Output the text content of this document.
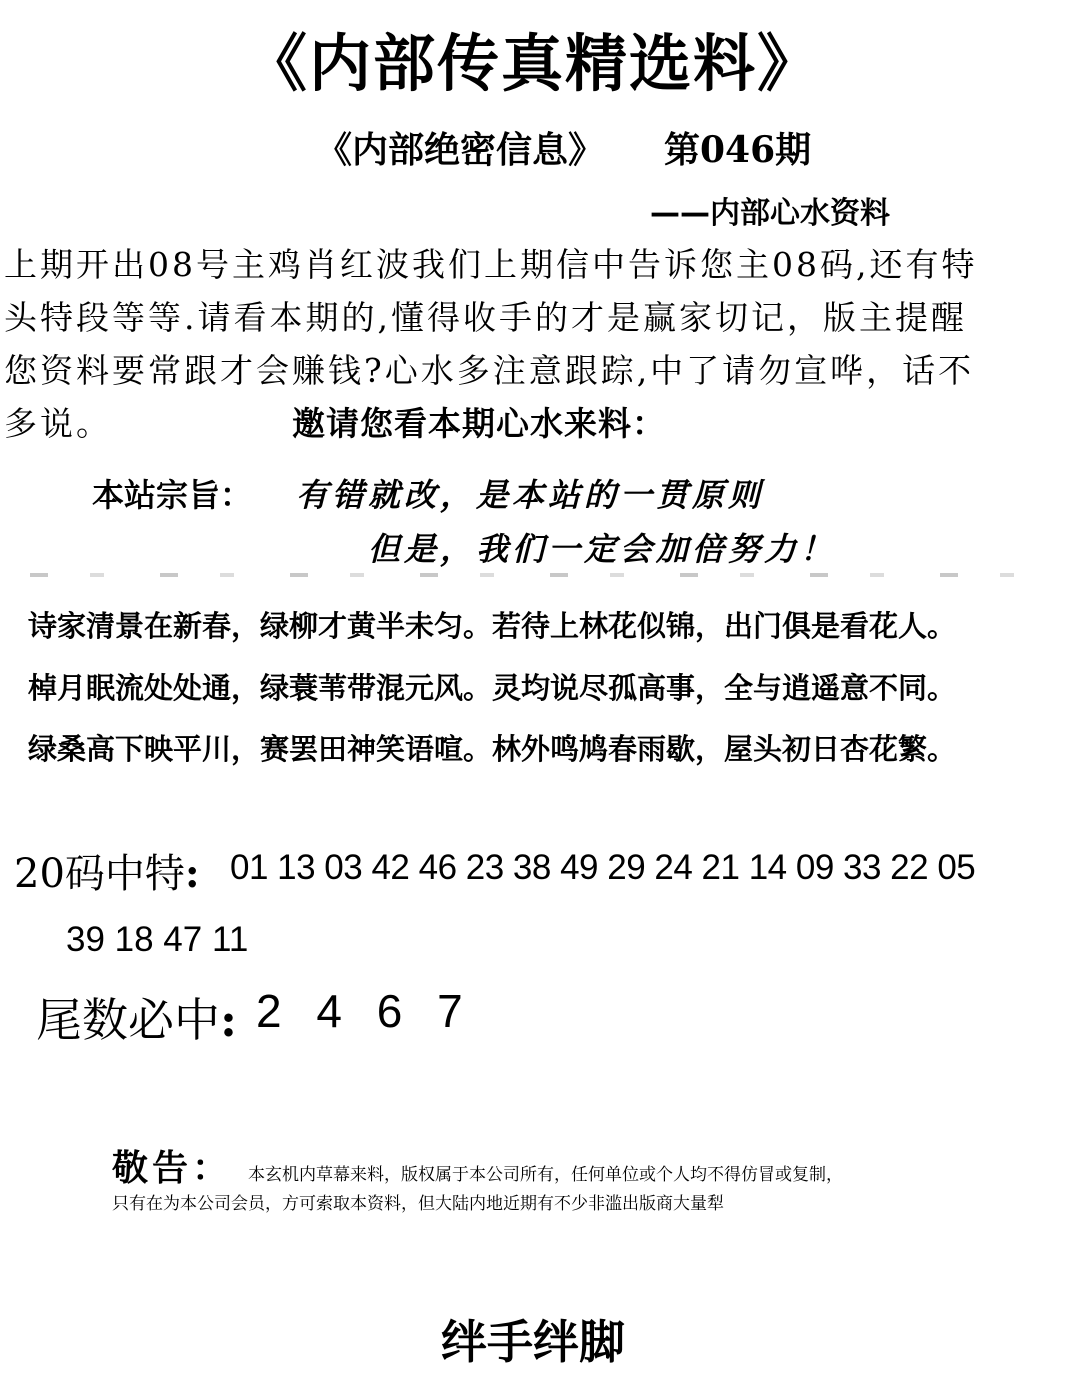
《内部传真精选料》
《内部绝密信息》 第046期
——内部心水资料
上期开出08号主鸡肖红波我们上期信中告诉您主08码,还有特
头特段等等.请看本期的,懂得收手的才是赢家切记，版主提醒
您资料要常跟才会赚钱?心水多注意跟踪,中了请勿宣哗，话不
多说。	邀请您看本期心水来料：
本站宗旨： 有错就改，是本站的一贯原则
但是，我们一定会加倍努力！
诗家清景在新春，绿柳才黄半未匀。若待上林花似锦，出门俱是看花人。
棹月眠流处处通，绿蓑苇带混元风。灵均说尽孤高事，全与逍遥意不同。
绿桑高下映平川，赛罢田神笑语喧。林外鸣鸠春雨歇，屋头初日杏花繁。
20码中特: 01 13 03 42 46 23 38 49 29 24 21 14 09 33 22 05
39 18 47 11
尾数必中: 2 4 6 7
敬告： 本玄机内草幕来料，版权属于本公司所有，任何单位或个人均不得仿冒或复制，
只有在为本公司会员，方可索取本资料，但大陆内地近期有不少非滥出版商大量犁
绊手绊脚
